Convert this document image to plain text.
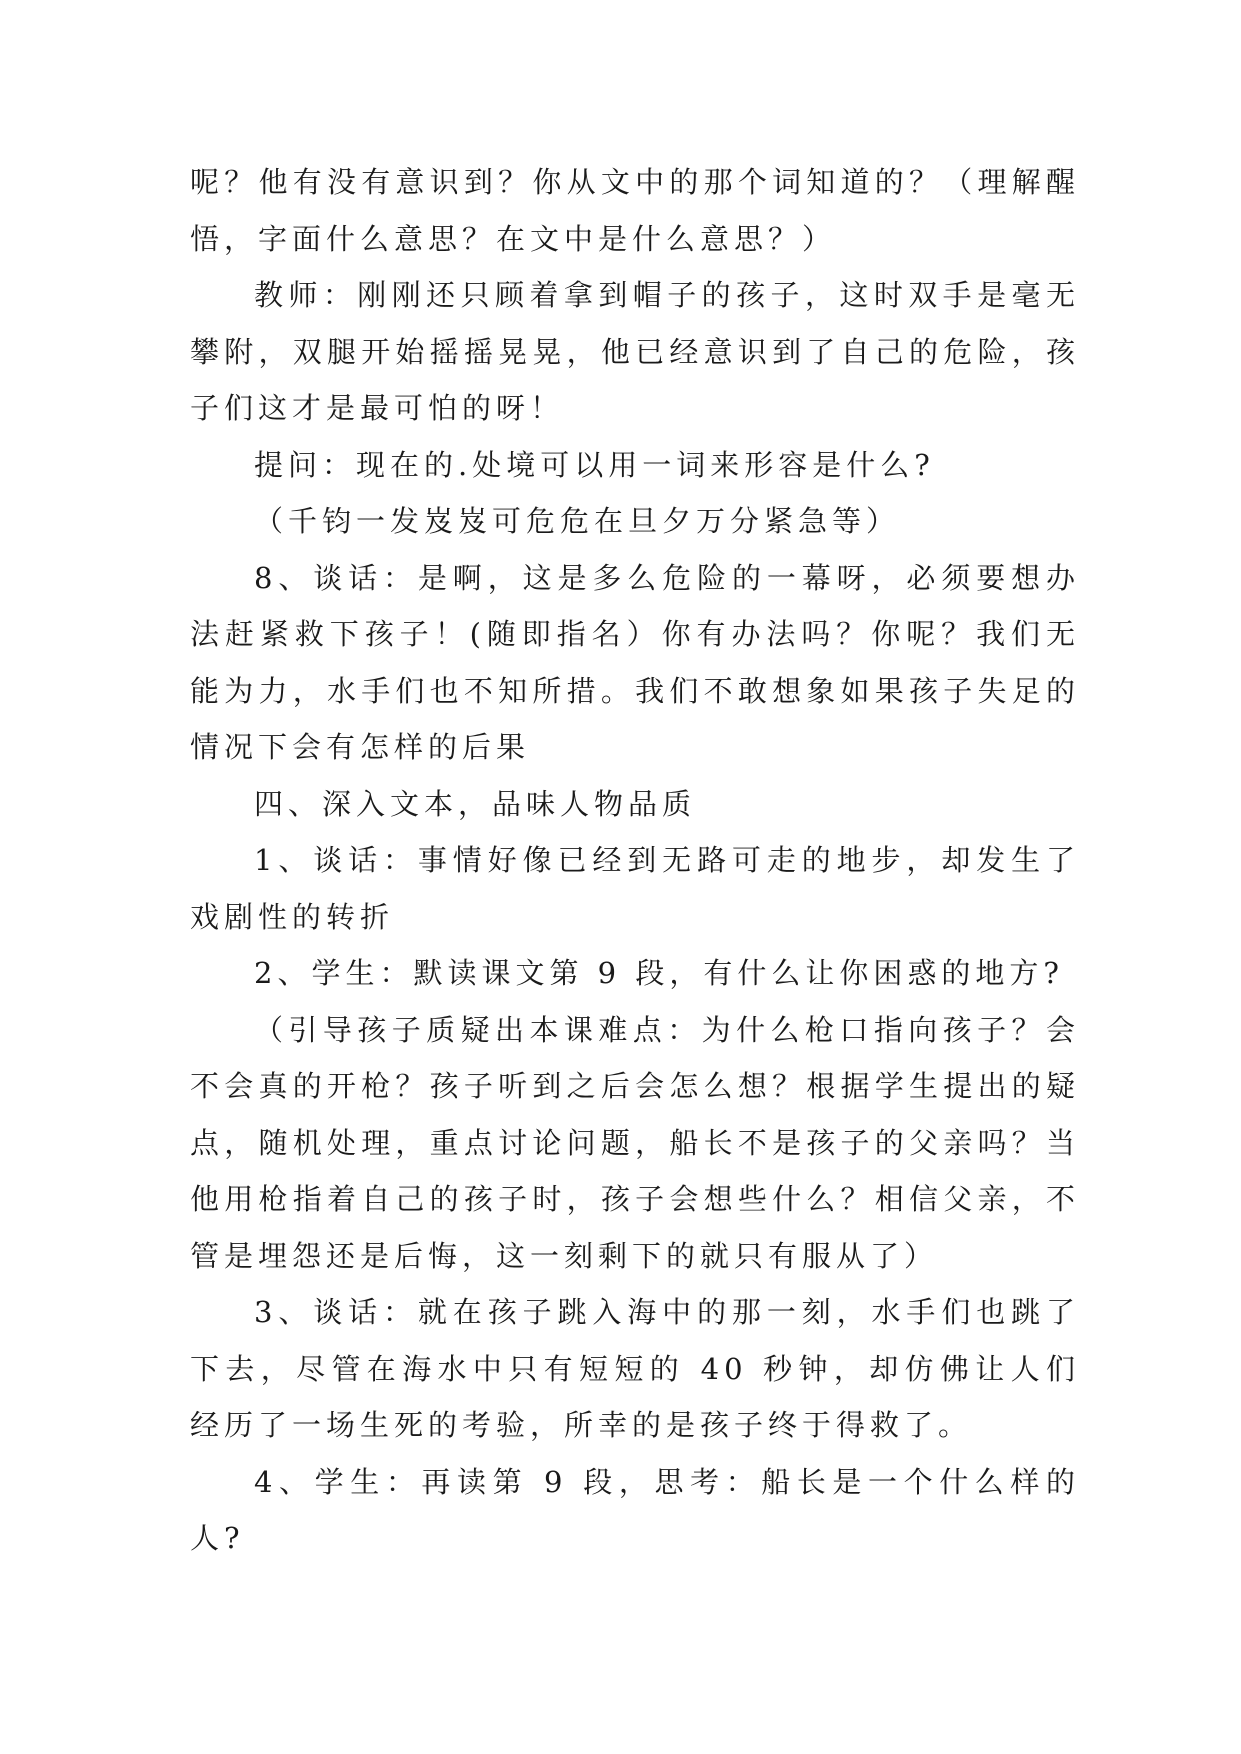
呢？他有没有意识到？你从文中的那个词知道的？（理解醒悟，字面什么意思？在文中是什么意思？）

教师：刚刚还只顾着拿到帽子的孩子，这时双手是毫无攀附，双腿开始摇摇晃晃，他已经意识到了自己的危险，孩子们这才是最可怕的呀！

提问：现在的.处境可以用一词来形容是什么?

（千钧一发岌岌可危危在旦夕万分紧急等）

8、谈话：是啊，这是多么危险的一幕呀，必须要想办法赶紧救下孩子！(随即指名）你有办法吗？你呢？我们无能为力，水手们也不知所措。我们不敢想象如果孩子失足的情况下会有怎样的后果

四、深入文本，品味人物品质

1、谈话：事情好像已经到无路可走的地步，却发生了戏剧性的转折

2、学生：默读课文第 9 段，有什么让你困惑的地方?

（引导孩子质疑出本课难点：为什么枪口指向孩子？会不会真的开枪？孩子听到之后会怎么想？根据学生提出的疑点，随机处理，重点讨论问题，船长不是孩子的父亲吗？当他用枪指着自己的孩子时，孩子会想些什么？相信父亲，不管是埋怨还是后悔，这一刻剩下的就只有服从了）

3、谈话：就在孩子跳入海中的那一刻，水手们也跳了下去，尽管在海水中只有短短的 40 秒钟，却仿佛让人们经历了一场生死的考验，所幸的是孩子终于得救了。

4、学生：再读第 9 段，思考：船长是一个什么样的人?
